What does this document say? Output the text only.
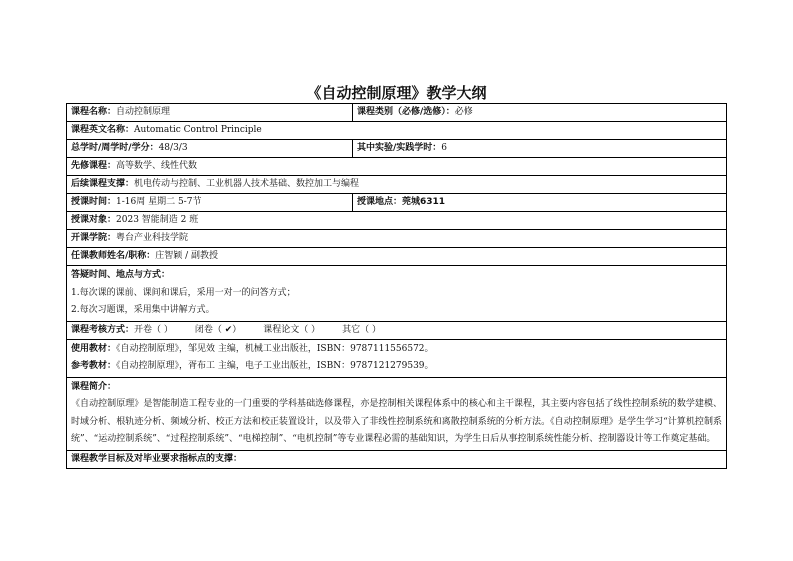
《自动控制原理》教学大纲
课程名称：自动控制原理	课程类别（必修/选修）：必修
课程英文名称：Automatic Control Principle	
总学时/周学时/学分：48/3/3	其中实验/实践学时：6
先修课程：高等数学、线性代数	
后续课程支撑：机电传动与控制、工业机器人技术基础、数控加工与编程	
授课时间：1-16周 星期二 5-7节	授课地点：莞城6311
授课对象：2023 智能制造 2 班	
开课学院：粤台产业科技学院	
任课教师姓名/职称：庄智颖 / 副教授	
答疑时间、地点与方式：
1.每次课的课前、课间和课后，采用一对一的问答方式；
2.每次习题课，采用集中讲解方式。	
课程考核方式：开卷（ ） 闭卷（ ✔） 课程论文（ ） 其它（ ）	
使用教材：《自动控制原理》，邹见效 主编，机械工业出版社，ISBN：9787111556572。
参考教材：《自动控制原理》，胥布工 主编，电子工业出版社，ISBN：9787121279539。	
课程简介：

《自动控制原理》是智能制造工程专业的一门重要的学科基础选修课程，亦是控制相关课程体系中的核心和主干课程，其主要内容包括了线性控制系统的数学建模、时域分析、根轨迹分析、频域分析、校正方法和校正装置设计，以及带入了非线性控制系统和离散控制系统的分析方法。《自动控制原理》是学生学习“计算机控制系统”、“运动控制系统”、“过程控制系统”、“电梯控制”、“电机控制”等专业课程必需的基础知识，为学生日后从事控制系统性能分析、控制器设计等工作奠定基础。	

课程教学目标及对毕业要求指标点的支撑：	
